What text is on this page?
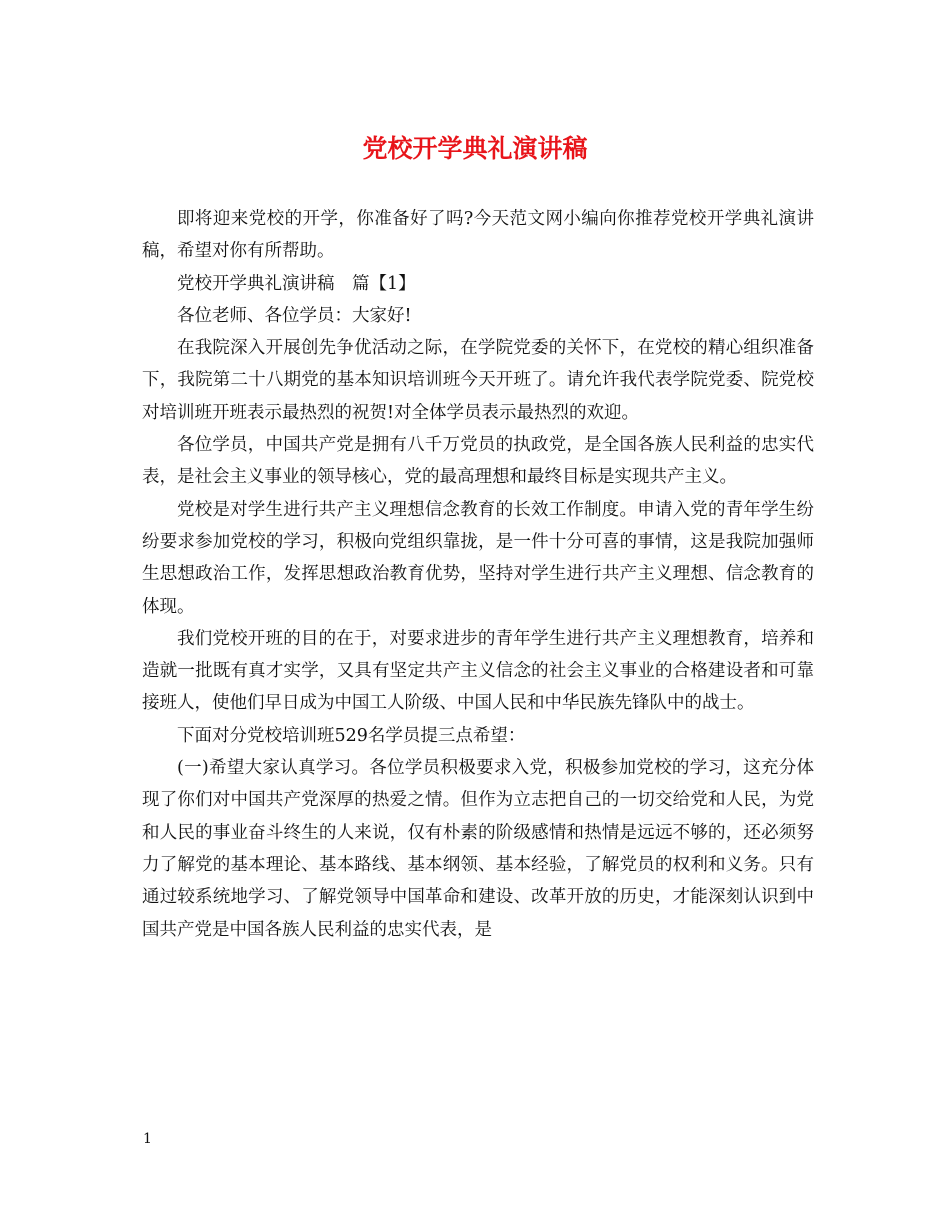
党校开学典礼演讲稿

即将迎来党校的开学，你准备好了吗?今天范文网小编向你推荐党校开学典礼演讲稿，希望对你有所帮助。

党校开学典礼演讲稿　篇【1】

各位老师、各位学员：大家好!

在我院深入开展创先争优活动之际，在学院党委的关怀下，在党校的精心组织准备下，我院第二十八期党的基本知识培训班今天开班了。请允许我代表学院党委、院党校对培训班开班表示最热烈的祝贺!对全体学员表示最热烈的欢迎。

各位学员，中国共产党是拥有八千万党员的执政党，是全国各族人民利益的忠实代表，是社会主义事业的领导核心，党的最高理想和最终目标是实现共产主义。

党校是对学生进行共产主义理想信念教育的长效工作制度。申请入党的青年学生纷纷要求参加党校的学习，积极向党组织靠拢，是一件十分可喜的事情，这是我院加强师生思想政治工作，发挥思想政治教育优势，坚持对学生进行共产主义理想、信念教育的体现。

我们党校开班的目的在于，对要求进步的青年学生进行共产主义理想教育，培养和造就一批既有真才实学，又具有坚定共产主义信念的社会主义事业的合格建设者和可靠接班人，使他们早日成为中国工人阶级、中国人民和中华民族先锋队中的战士。

下面对分党校培训班529名学员提三点希望：

(一)希望大家认真学习。各位学员积极要求入党，积极参加党校的学习，这充分体现了你们对中国共产党深厚的热爱之情。但作为立志把自己的一切交给党和人民，为党和人民的事业奋斗终生的人来说，仅有朴素的阶级感情和热情是远远不够的，还必须努力了解党的基本理论、基本路线、基本纲领、基本经验，了解党员的权利和义务。只有通过较系统地学习、了解党领导中国革命和建设、改革开放的历史，才能深刻认识到中国共产党是中国各族人民利益的忠实代表，是

1
